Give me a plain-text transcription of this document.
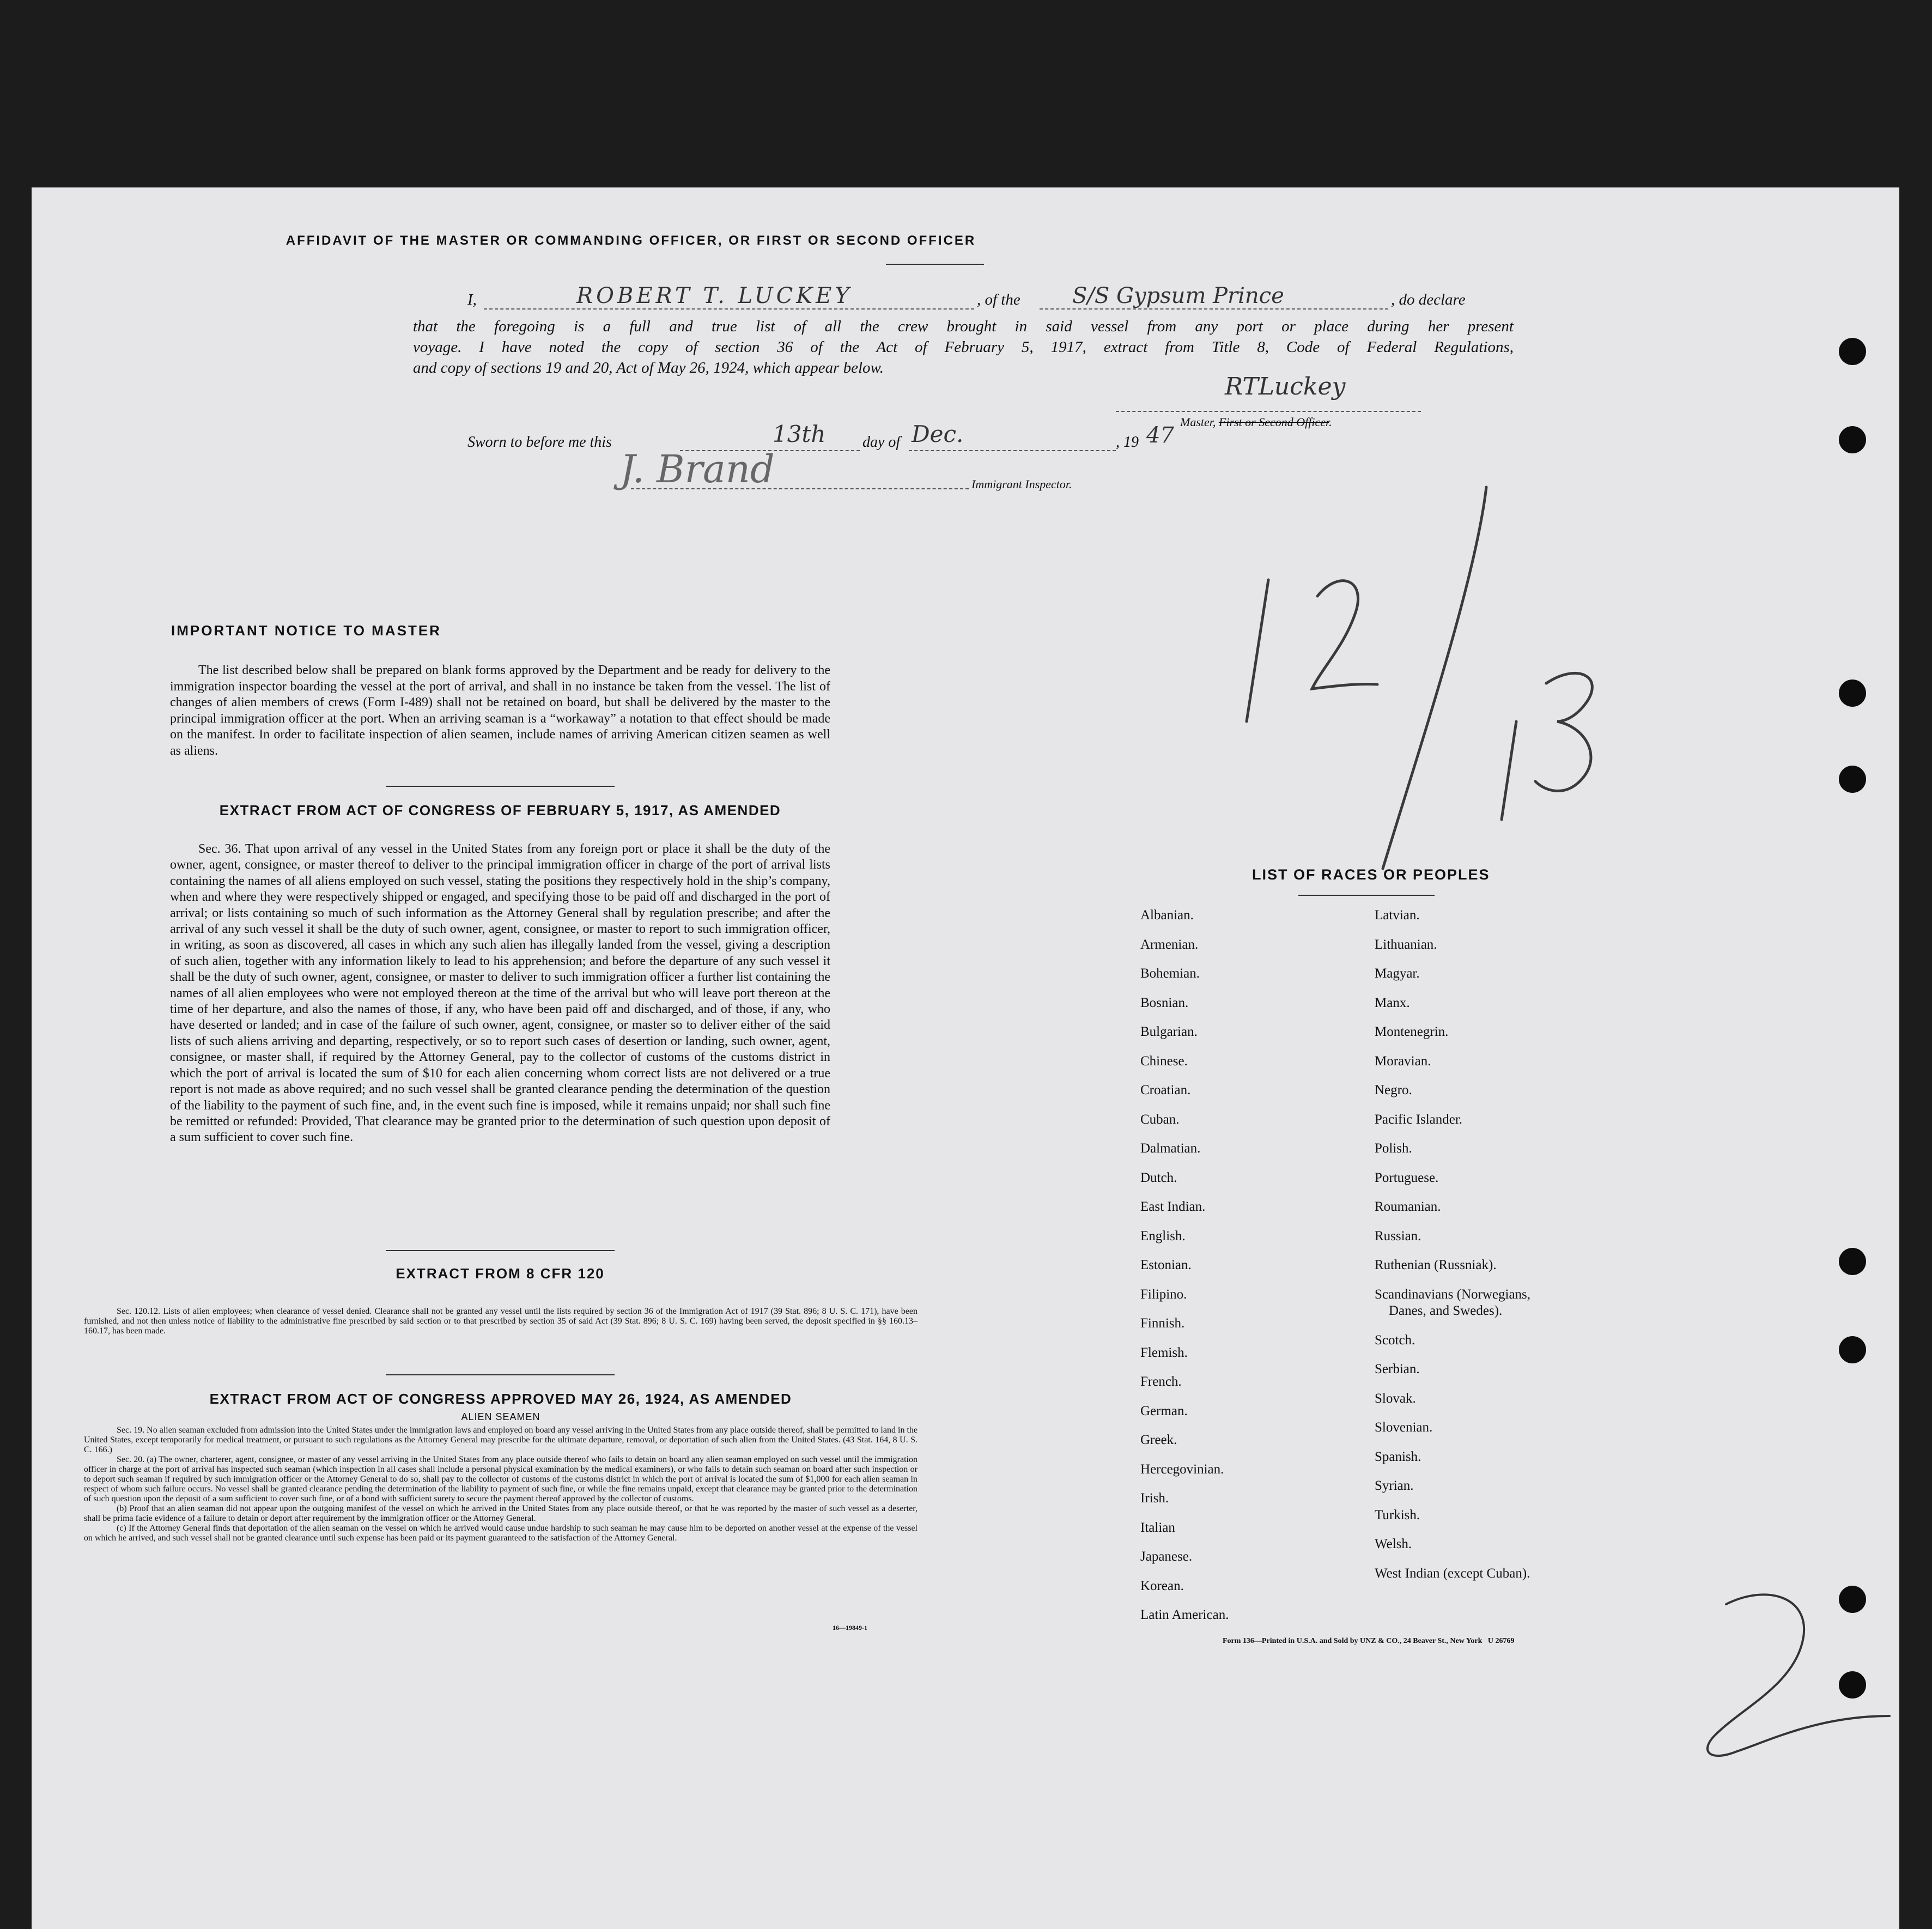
AFFIDAVIT OF THE MASTER OR COMMANDING OFFICER, OR FIRST OR SECOND OFFICER
I,	ROBERT T. LUCKEY	, of the S/S Gypsum Prince	, do declare
that the foregoing is a full and true list of all the crew brought in said vessel from any port or place during her present
voyage. I have noted the copy of section 36 of the Act of February 5, 1917, extract from Title 8, Code of Federal Regulations,
and copy of sections 19 and 20, Act of May 26, 1924, which appear below.
RTLuckey
Master, First or Second Officer.
Sworn to before me this	13th day of Dec.	, 19 47
J. Brand	Immigrant Inspector.
12/13
IMPORTANT NOTICE TO MASTER
The list described below shall be prepared on blank forms approved by the Department and be ready for delivery to the immigration inspector boarding the vessel at the port of arrival, and shall in no instance be taken from the vessel. The list of changes of alien members of crews (Form I-489) shall not be retained on board, but shall be delivered by the master to the principal immigration officer at the port. When an arriving seaman is a “workaway” a notation to that effect should be made on the manifest. In order to facilitate inspection of alien seamen, include names of arriving American citizen seamen as well as aliens.
EXTRACT FROM ACT OF CONGRESS OF FEBRUARY 5, 1917, AS AMENDED
Sec. 36. That upon arrival of any vessel in the United States from any foreign port or place it shall be the duty of the owner, agent, consignee, or master thereof to deliver to the principal immigration officer in charge of the port of arrival lists containing the names of all aliens employed on such vessel, stating the positions they respectively hold in the ship’s company, when and where they were respectively shipped or engaged, and specifying those to be paid off and discharged in the port of arrival; or lists containing so much of such information as the Attorney General shall by regulation prescribe; and after the arrival of any such vessel it shall be the duty of such owner, agent, consignee, or master to report to such immigration officer, in writing, as soon as discovered, all cases in which any such alien has illegally landed from the vessel, giving a description of such alien, together with any information likely to lead to his apprehension; and before the departure of any such vessel it shall be the duty of such owner, agent, consignee, or master to deliver to such immigration officer a further list containing the names of all alien employees who were not employed thereon at the time of the arrival but who will leave port thereon at the time of her departure, and also the names of those, if any, who have been paid off and discharged, and of those, if any, who have deserted or landed; and in case of the failure of such owner, agent, consignee, or master so to deliver either of the said lists of such aliens arriving and departing, respectively, or so to report such cases of desertion or landing, such owner, agent, consignee, or master shall, if required by the Attorney General, pay to the collector of customs of the customs district in which the port of arrival is located the sum of $10 for each alien concerning whom correct lists are not delivered or a true report is not made as above required; and no such vessel shall be granted clearance pending the determination of the question of the liability to the payment of such fine, and, in the event such fine is imposed, while it remains unpaid; nor shall such fine be remitted or refunded: Provided, That clearance may be granted prior to the determination of such question upon deposit of a sum sufficient to cover such fine.
EXTRACT FROM 8 CFR 120
Sec. 120.12. Lists of alien employees; when clearance of vessel denied. Clearance shall not be granted any vessel until the lists required by section 36 of the Immigration Act of 1917 (39 Stat. 896; 8 U. S. C. 171), have been furnished, and not then unless notice of liability to the administrative fine prescribed by said section or to that prescribed by section 35 of said Act (39 Stat. 896; 8 U. S. C. 169) having been served, the deposit specified in §§ 160.13–160.17, has been made.
EXTRACT FROM ACT OF CONGRESS APPROVED MAY 26, 1924, AS AMENDED
ALIEN SEAMEN
Sec. 19. No alien seaman excluded from admission into the United States under the immigration laws and employed on board any vessel arriving in the United States from any place outside thereof, shall be permitted to land in the United States, except temporarily for medical treatment, or pursuant to such regulations as the Attorney General may prescribe for the ultimate departure, removal, or deportation of such alien from the United States. (43 Stat. 164, 8 U. S. C. 166.)
Sec. 20. (a) The owner, charterer, agent, consignee, or master of any vessel arriving in the United States from any place outside thereof who fails to detain on board any alien seaman employed on such vessel until the immigration officer in charge at the port of arrival has inspected such seaman (which inspection in all cases shall include a personal physical examination by the medical examiners), or who fails to detain such seaman on board after such inspection or to deport such seaman if required by such immigration officer or the Attorney General to do so, shall pay to the collector of customs of the customs district in which the port of arrival is located the sum of $1,000 for each alien seaman in respect of whom such failure occurs. No vessel shall be granted clearance pending the determination of the liability to payment of such fine, or while the fine remains unpaid, except that clearance may be granted prior to the determination of such question upon the deposit of a sum sufficient to cover such fine, or of a bond with sufficient surety to secure the payment thereof approved by the collector of customs.
(b) Proof that an alien seaman did not appear upon the outgoing manifest of the vessel on which he arrived in the United States from any place outside thereof, or that he was reported by the master of such vessel as a deserter, shall be prima facie evidence of a failure to detain or deport after requirement by the immigration officer or the Attorney General.
(c) If the Attorney General finds that deportation of the alien seaman on the vessel on which he arrived would cause undue hardship to such seaman he may cause him to be deported on another vessel at the expense of the vessel on which he arrived, and such vessel shall not be granted clearance until such expense has been paid or its payment guaranteed to the satisfaction of the Attorney General.
16—19849-1
LIST OF RACES OR PEOPLES
Albanian.
Armenian.
Bohemian.
Bosnian.
Bulgarian.
Chinese.
Croatian.
Cuban.
Dalmatian.
Dutch.
East Indian.
English.
Estonian.
Filipino.
Finnish.
Flemish.
French.
German.
Greek.
Hercegovinian.
Irish.
Italian
Japanese.
Korean.
Latin American.
Latvian.
Lithuanian.
Magyar.
Manx.
Montenegrin.
Moravian.
Negro.
Pacific Islander.
Polish.
Portuguese.
Roumanian.
Russian.
Ruthenian (Russniak).
Scandinavians (Norwegians,
Danes, and Swedes).
Scotch.
Serbian.
Slovak.
Slovenian.
Spanish.
Syrian.
Turkish.
Welsh.
West Indian (except Cuban).
Form 136—Printed in U.S.A. and Sold by UNZ & CO., 24 Beaver St., New York   U 26769
2
